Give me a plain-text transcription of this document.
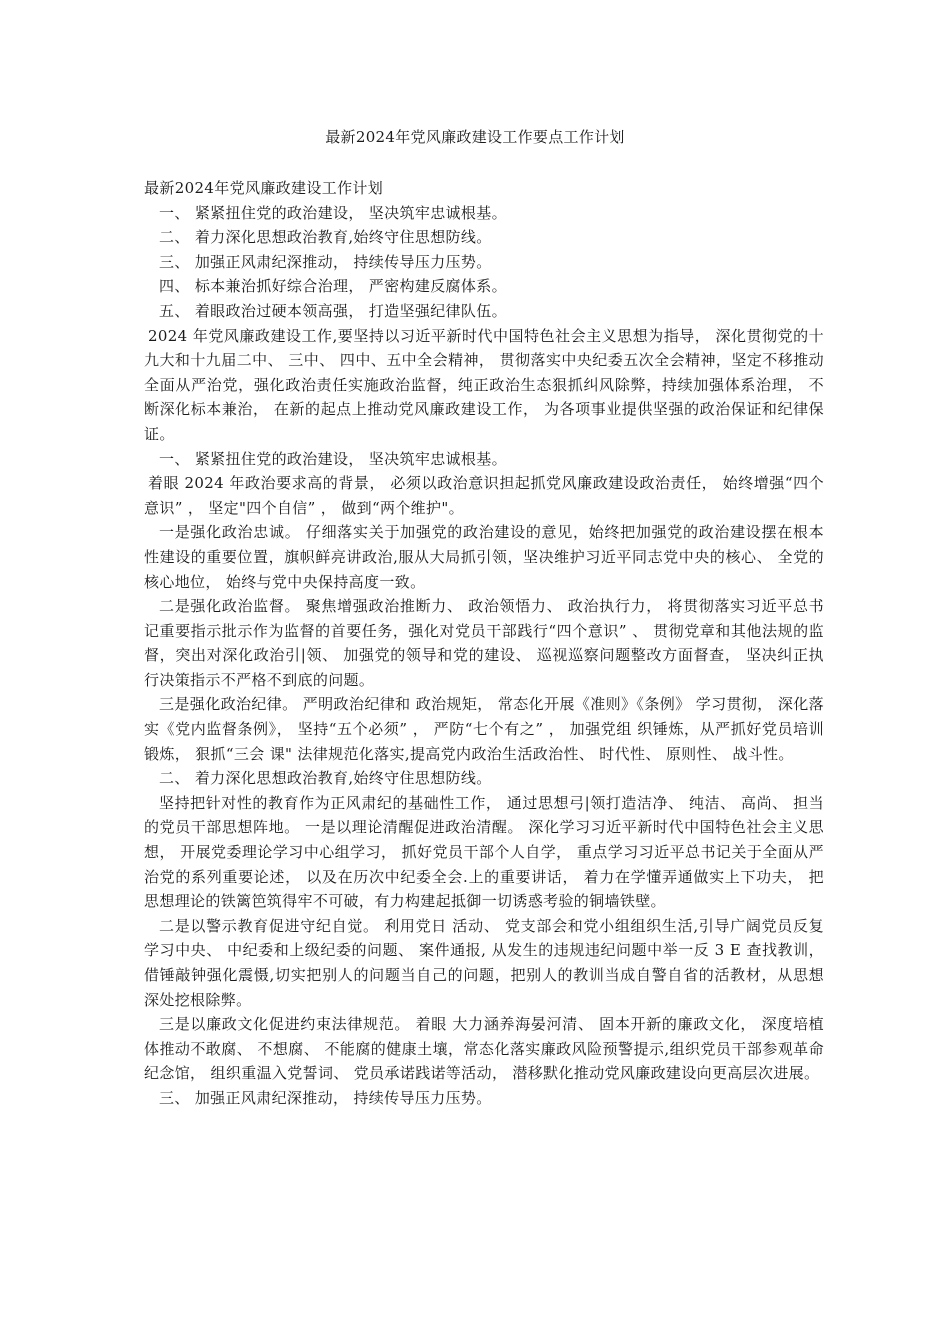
最新2024年党风廉政建设工作要点工作计划

最新2024年党风廉政建设工作计划

一、 紧紧扭住党的政治建设， 坚决筑牢忠诚根基。

二、 着力深化思想政治教育,始终守住思想防线。

三、 加强正风肃纪深推动， 持续传导压力压势。

四、 标本兼治抓好综合治理， 严密构建反腐体系。

五、 着眼政治过硬本领高强， 打造坚强纪律队伍。

2024 年党风廉政建设工作,要坚持以习近平新时代中国特色社会主义思想为指导， 深化贯彻党的十九大和十九届二中、 三中、 四中、五中全会精神， 贯彻落实中央纪委五次全会精神，坚定不移推动全面从严治党，强化政治责任实施政治监督，纯正政治生态狠抓纠风除弊，持续加强体系治理， 不断深化标本兼治， 在新的起点上推动党风廉政建设工作， 为各项事业提供坚强的政治保证和纪律保证。

一、 紧紧扭住党的政治建设， 坚决筑牢忠诚根基。

着眼 2024 年政治要求高的背景， 必须以政治意识担起抓党风廉政建设政治责任， 始终增强“四个意识” ， 坚定"四个自信” ， 做到“两个维护"。

一是强化政治忠诚。 仔细落实关于加强党的政治建设的意见，始终把加强党的政治建设摆在根本性建设的重要位置，旗帜鲜亮讲政治,服从大局抓引领，坚决维护习近平同志党中央的核心、 全党的核心地位， 始终与党中央保持高度一致。

二是强化政治监督。 聚焦增强政治推断力、 政治领悟力、 政治执行力， 将贯彻落实习近平总书记重要指示批示作为监督的首要任务，强化对党员干部践行“四个意识” 、 贯彻党章和其他法规的监督，突出对深化政治引|领、 加强党的领导和党的建设、 巡视巡察问题整改方面督查， 坚决纠正执行决策指示不严格不到底的问题。

三是强化政治纪律。 严明政治纪律和 政治规矩， 常态化开展《准则》《条例》 学习贯彻， 深化落实《党内监督条例》， 坚持“五个必须” ， 严防“七个有之” ， 加强党组 织锤炼，从严抓好党员培训锻炼， 狠抓“三会 课" 法律规范化落实,提高党内政治生活政治性、 时代性、 原则性、 战斗性。

二、 着力深化思想政治教育,始终守住思想防线。

坚持把针对性的教育作为正风肃纪的基础性工作， 通过思想弓|领打造洁净、 纯洁、 高尚、 担当的党员干部思想阵地。 一是以理论清醒促进政治清醒。 深化学习习近平新时代中国特色社会主义思想， 开展党委理论学习中心组学习， 抓好党员干部个人自学， 重点学习习近平总书记关于全面从严治党的系列重要论述， 以及在历次中纪委全会.上的重要讲话， 着力在学懂弄通做实上下功夫， 把思想理论的铁篱笆筑得牢不可破，有力构建起抵御一切诱惑考验的铜墙铁壁。

二是以警示教育促进守纪自觉。 利用党日 活动、 党支部会和党小组组织生活,引导广阔党员反复学习中央、 中纪委和上级纪委的问题、 案件通报, 从发生的违规违纪问题中举一反 3 E 查找教训， 借锤敲钟强化震慑,切实把别人的问题当自己的问题，把别人的教训当成自警自省的活教材，从思想深处挖根除弊。

三是以廉政文化促进约束法律规范。 着眼 大力涵养海晏河清、 固本开新的廉政文化， 深度培植 体推动不敢腐、 不想腐、 不能腐的健康土壤，常态化落实廉政风险预警提示,组织党员干部参观革命纪念馆， 组织重温入党誓词、 党员承诺践诺等活动， 潜移默化推动党风廉政建设向更高层次进展。

三、 加强正风肃纪深推动， 持续传导压力压势。
